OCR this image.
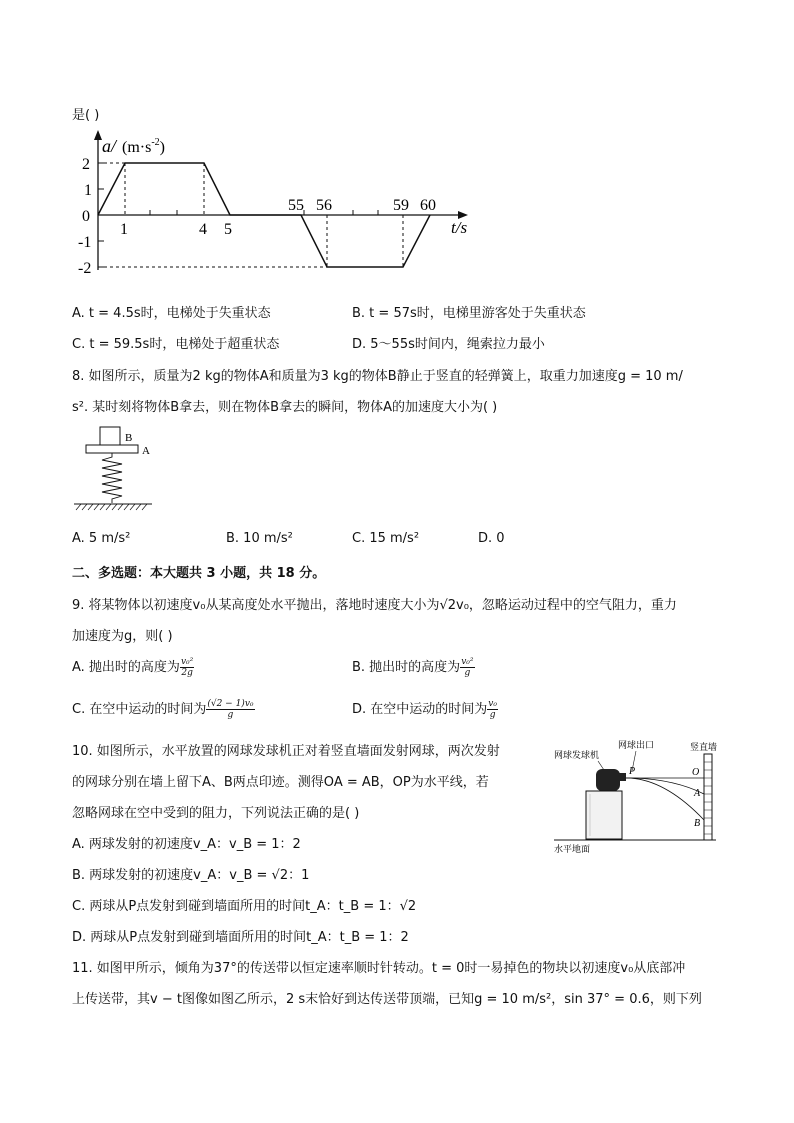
是( )
a/ $(m\cdot s^{-2})$
2
1
0
-1
-2
1	4 5
55 56	59 60
t/s
A. t = 4.5s时，电梯处于失重状态	B. t = 57s时，电梯里游客处于失重状态
C. t = 59.5s时，电梯处于超重状态	D. 5～55s时间内，绳索拉力最小
8. 如图所示，质量为2 kg的物体A和质量为3 kg的物体B静止于竖直的轻弹簧上，取重力加速度g = 10 m/
s². 某时刻将物体B拿去，则在物体B拿去的瞬间，物体A的加速度大小为( )
B
A
A. 5 m/s²	B. 10 m/s²	C. 15 m/s²	D. 0
二、多选题：本大题共 3 小题，共 18 分。
9. 将某物体以初速度v₀从某高度处水平抛出，落地时速度大小为√2v₀，忽略运动过程中的空气阻力，重力
加速度为g，则( )
A. 抛出时的高度为 $\frac{\text{v₀²}}{2g}$	B. 抛出时的高度为 $\frac{\text{v₀²}}{g}$
C. 在空中运动的时间为 $\frac{\text{(√2 − 1)v₀}}{g}$	D. 在空中运动的时间为 $\frac{\text{v₀}}{g}$
10. 如图所示，水平放置的网球发球机正对着竖直墙面发射网球，两次发射
的网球分别在墙上留下A、B两点印迹。测得OA = AB，OP为水平线，若
忽略网球在空中受到的阻力，下列说法正确的是( )
A. 两球发射的初速度v_A：v_B = 1：2
B. 两球发射的初速度v_A：v_B = √2：1
C. 两球从P点发射到碰到墙面所用的时间t_A：t_B = 1：√2
D. 两球从P点发射到碰到墙面所用的时间t_A：t_B = 1：2
网球发球机
网球出口	竖直墙
P	O
A
B
水平地面
11. 如图甲所示，倾角为37°的传送带以恒定速率顺时针转动。t = 0时一易掉色的物块以初速度v₀从底部冲
上传送带，其v − t图像如图乙所示，2 s末恰好到达传送带顶端，已知g = 10 m/s²，sin 37° = 0.6，则下列
